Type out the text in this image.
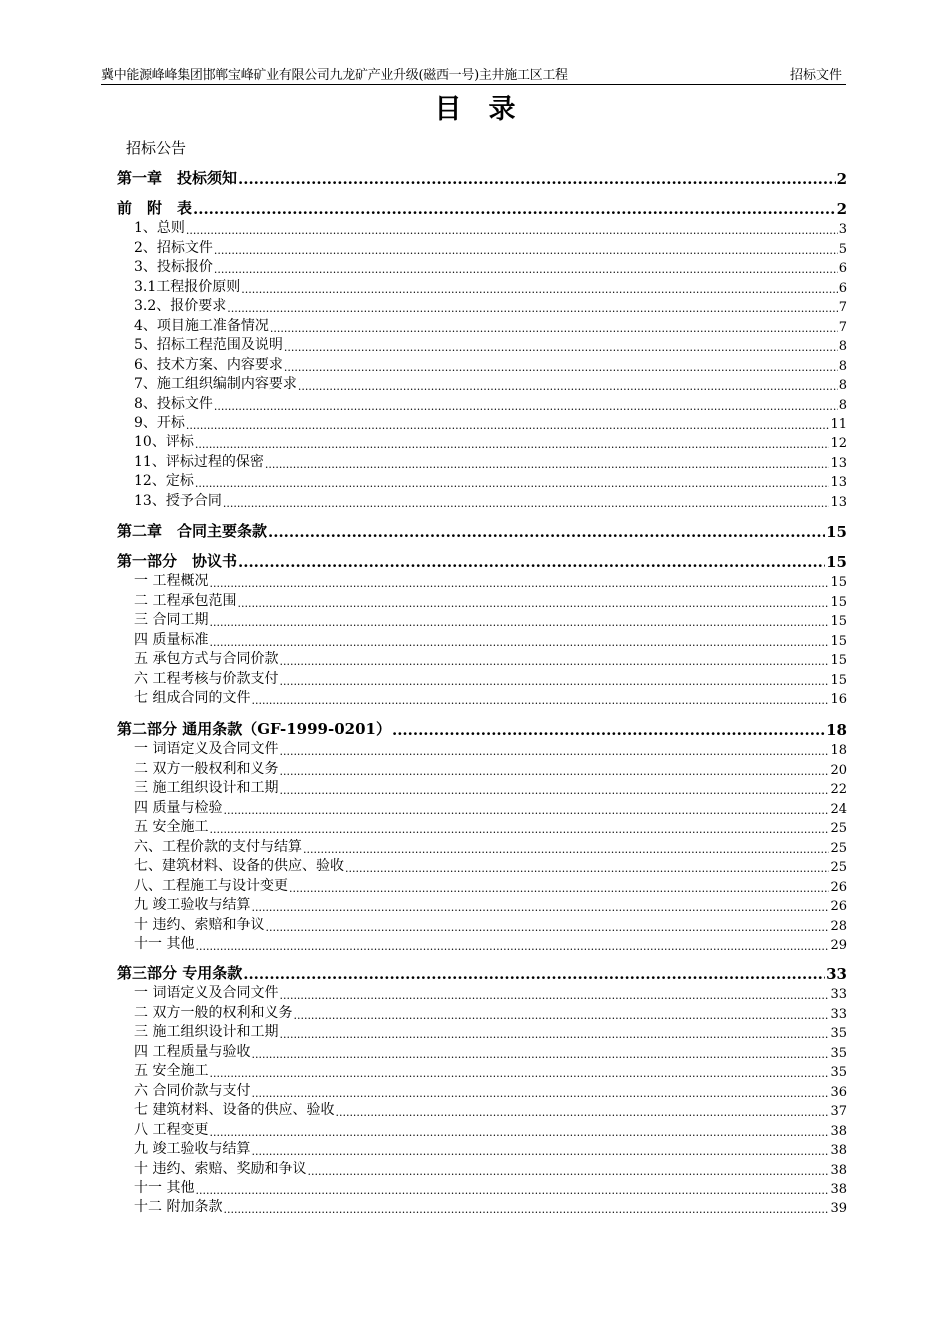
冀中能源峰峰集团邯郸宝峰矿业有限公司九龙矿产业升级(磁西一号)主井施工区工程	招标文件
目　录
招标公告
第一章　投标须知 .....	2
前　附　表 .....	2
1、总则 .....	3
2、招标文件 .....	5
3、投标报价 .....	6
3.1工程报价原则 .....	6
3.2、报价要求 .....	7
4、项目施工准备情况 .....	7
5、招标工程范围及说明 .....	8
6、技术方案、内容要求 .....	8
7、施工组织编制内容要求 .....	8
8、投标文件 .....	8
9、开标 .....	11
10、评标 .....	12
11、评标过程的保密 .....	13
12、定标 .....	13
13、授予合同 .....	13
第二章　合同主要条款 .....	15
第一部分　协议书 .....	15
一 工程概况 .....	15
二 工程承包范围 .....	15
三 合同工期 .....	15
四 质量标准 .....	15
五 承包方式与合同价款 .....	15
六 工程考核与价款支付 .....	15
七 组成合同的文件 .....	16
第二部分 通用条款（GF-1999-0201） .....	18
一 词语定义及合同文件 .....	18
二 双方一般权利和义务 .....	20
三 施工组织设计和工期 .....	22
四 质量与检验 .....	24
五 安全施工 .....	25
六、工程价款的支付与结算 .....	25
七、建筑材料、设备的供应、验收 .....	25
八、工程施工与设计变更 .....	26
九 竣工验收与结算 .....	26
十 违约、索赔和争议 .....	28
十一 其他 .....	29
第三部分 专用条款 .....	33
一 词语定义及合同文件 .....	33
二 双方一般的权利和义务 .....	33
三 施工组织设计和工期 .....	35
四 工程质量与验收 .....	35
五 安全施工 .....	35
六 合同价款与支付 .....	36
七 建筑材料、设备的供应、验收 .....	37
八 工程变更 .....	38
九 竣工验收与结算 .....	38
十 违约、索赔、奖励和争议 .....	38
十一 其他 .....	38
十二 附加条款 .....	39
